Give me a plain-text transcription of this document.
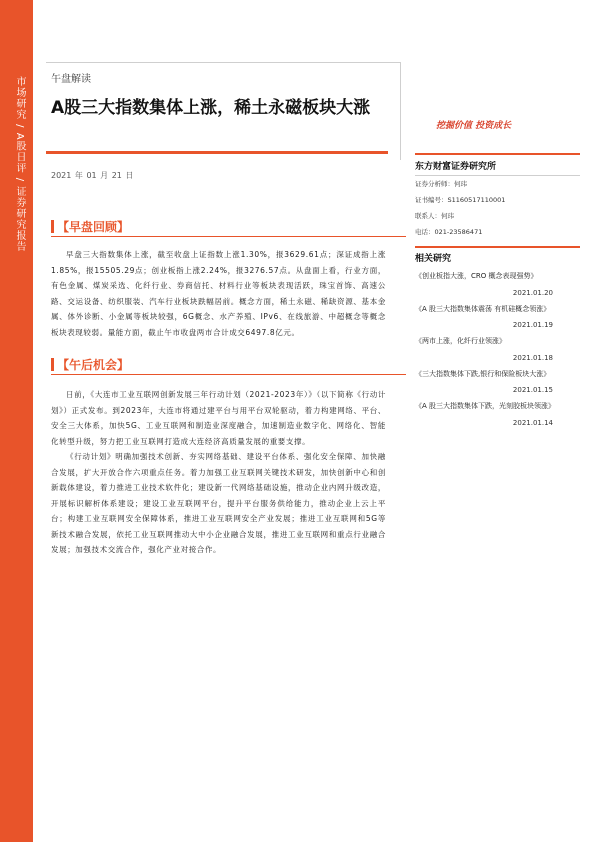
市场研究 / A股日评 / 证券研究报告	午盘解读
A股三大指数集体上涨，稀土永磁板块大涨
2021 年 01 月 21 日
挖掘价值 投资成长
【早盘回顾】

早盘三大指数集体上涨，截至收盘上证指数上涨1.30%，报3629.61点；深证成指上涨1.85%，报15505.29点；创业板指上涨2.24%，报3276.57点。从盘面上看，行业方面，有色金属、煤炭采选、化纤行业、券商信托、材料行业等板块表现活跃，珠宝首饰、高速公路、交运设备、纺织服装、汽车行业板块跌幅居前。概念方面，稀土永磁、稀缺资源、基本金属、体外诊断、小金属等板块较强，6G概念、水产养殖、IPv6、在线旅游、中超概念等概念板块表现较弱。量能方面，截止午市收盘两市合计成交6497.8亿元。

【午后机会】

日前，《大连市工业互联网创新发展三年行动计划（2021-2023年）》（以下简称《行动计划》）正式发布。到2023年，大连市将通过建平台与用平台双轮驱动，着力构建网络、平台、安全三大体系，加快5G、工业互联网和制造业深度融合，加速制造业数字化、网络化、智能化转型升级，努力把工业互联网打造成大连经济高质量发展的重要支撑。

《行动计划》明确加强技术创新、夯实网络基础、建设平台体系、强化安全保障、加快融合发展，扩大开放合作六项重点任务。着力加强工业互联网关键技术研发，加快创新中心和创新载体建设，着力推进工业技术软件化；建设新一代网络基础设施，推动企业内网升级改造，开展标识解析体系建设；建设工业互联网平台，提升平台服务供给能力，推动企业上云上平台；构建工业互联网安全保障体系，推进工业互联网安全产业发展；推进工业互联网和5G等新技术融合发展，依托工业互联网推动大中小企业融合发展，推进工业互联网和重点行业融合发展；加强技术交流合作，强化产业对接合作。

东方财富证券研究所
证券分析师：何玮
证书编号：S1160517110001
联系人：何玮
电话：021-23586471
相关研究
《创业板指大涨，CRO 概念表现强势》
2021.01.20
《A 股三大指数集体震荡 有机硅概念领涨》
2021.01.19
《两市上涨，化纤行业领涨》
2021.01.18
《三大指数集体下跌,银行和保险板块大涨》
2021.01.15
《A 股三大指数集体下跌，光刻胶板块领涨》
2021.01.14
